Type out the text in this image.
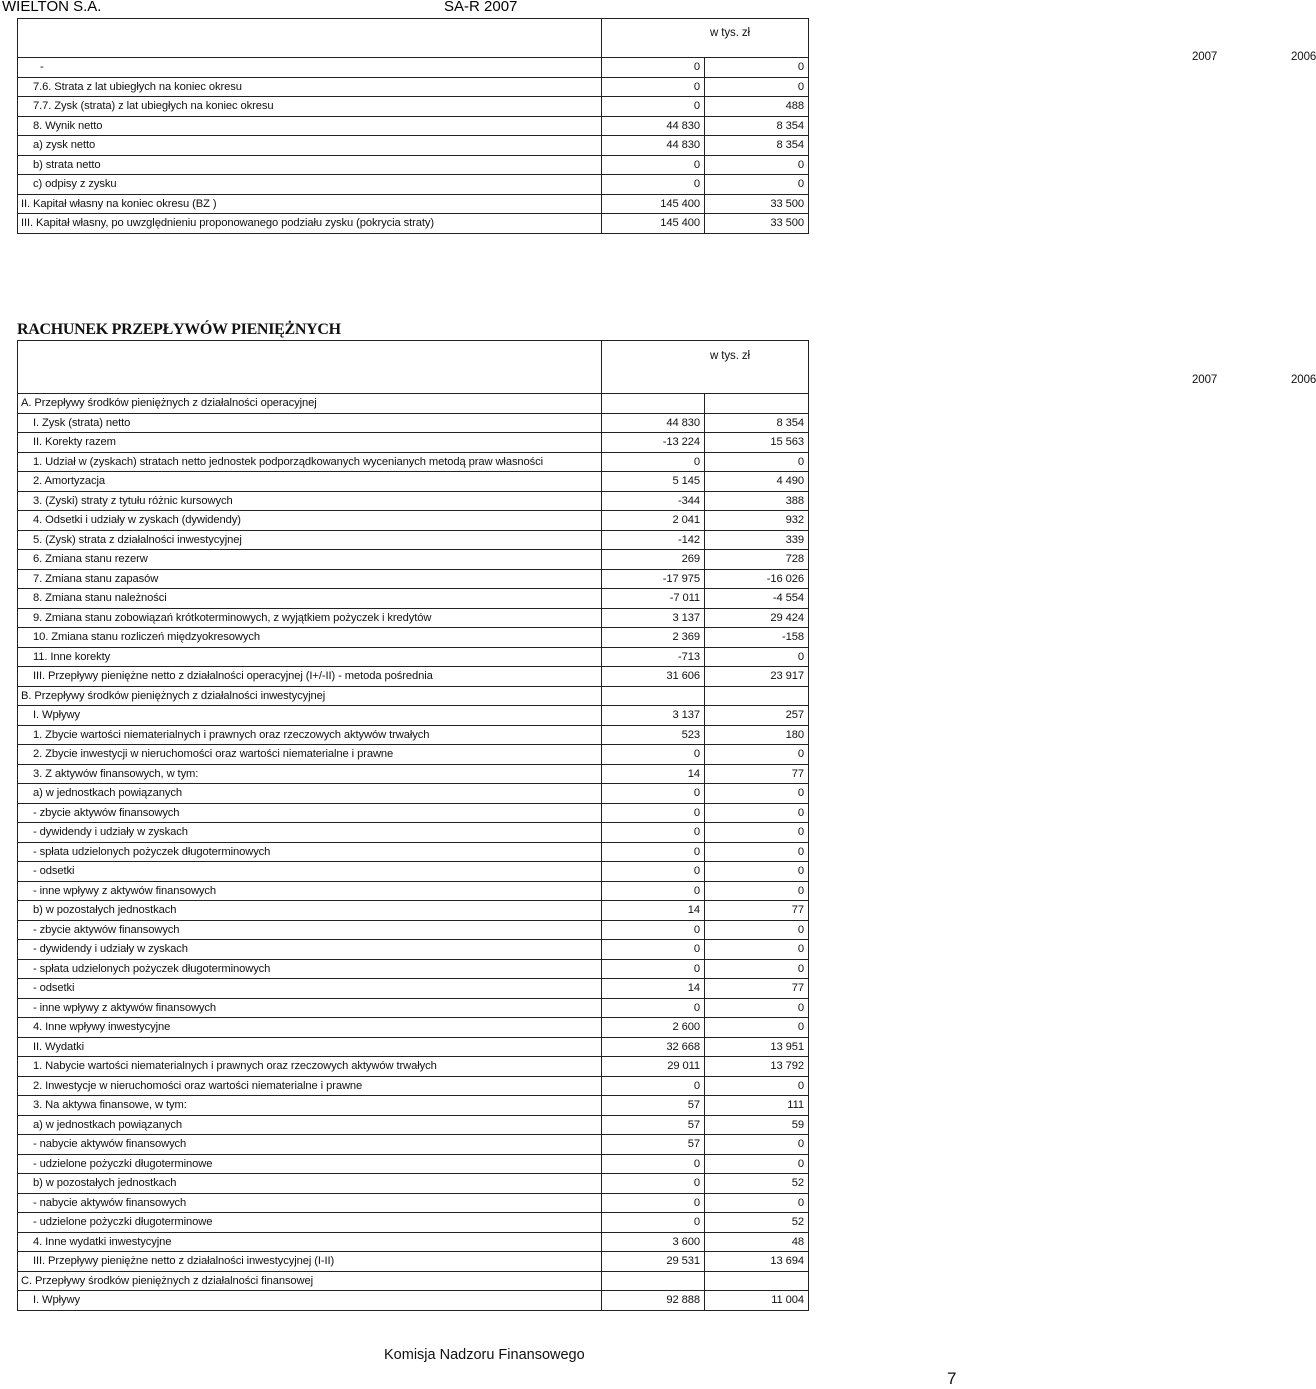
WIELTON S.A.	SA-R 2007

	w tys. zł
2007 2006	

-	0	0
7.6. Strata z lat ubiegłych na koniec okresu	0	0
7.7. Zysk (strata) z lat ubiegłych na koniec okresu	0	488
8. Wynik netto	44 830	8 354
a) zysk netto	44 830	8 354
b) strata netto	0	0
c) odpisy z zysku	0	0
II. Kapitał własny na koniec okresu (BZ )	145 400	33 500
III. Kapitał własny, po uwzględnieniu proponowanego podziału zysku (pokrycia straty)	145 400	33 500
RACHUNEK PRZEPŁYWÓW PIENIĘŻNYCH

	w tys. zł
2007 2006	

A. Przepływy środków pieniężnych z działalności operacyjnej		
I. Zysk (strata) netto	44 830	8 354
II. Korekty razem	-13 224	15 563
1. Udział w (zyskach) stratach netto jednostek podporządkowanych wycenianych metodą praw własności	0	0
2. Amortyzacja	5 145	4 490
3. (Zyski) straty z tytułu różnic kursowych	-344	388
4. Odsetki i udziały w zyskach (dywidendy)	2 041	932
5. (Zysk) strata z działalności inwestycyjnej	-142	339
6. Zmiana stanu rezerw	269	728
7. Zmiana stanu zapasów	-17 975	-16 026
8. Zmiana stanu należności	-7 011	-4 554
9. Zmiana stanu zobowiązań krótkoterminowych, z wyjątkiem pożyczek i kredytów	3 137	29 424
10. Zmiana stanu rozliczeń międzyokresowych	2 369	-158
11. Inne korekty	-713	0
III. Przepływy pieniężne netto z działalności operacyjnej (I+/-II) - metoda pośrednia	31 606	23 917
B. Przepływy środków pieniężnych z działalności inwestycyjnej		
I. Wpływy	3 137	257
1. Zbycie wartości niematerialnych i prawnych oraz rzeczowych aktywów trwałych	523	180
2. Zbycie inwestycji w nieruchomości oraz wartości niematerialne i prawne	0	0
3. Z aktywów finansowych, w tym:	14	77
a) w jednostkach powiązanych	0	0
- zbycie aktywów finansowych	0	0
- dywidendy i udziały w zyskach	0	0
- spłata udzielonych pożyczek długoterminowych	0	0
- odsetki	0	0
- inne wpływy z aktywów finansowych	0	0
b) w pozostałych jednostkach	14	77
- zbycie aktywów finansowych	0	0
- dywidendy i udziały w zyskach	0	0
- spłata udzielonych pożyczek długoterminowych	0	0
- odsetki	14	77
- inne wpływy z aktywów finansowych	0	0
4. Inne wpływy inwestycyjne	2 600	0
II. Wydatki	32 668	13 951
1. Nabycie wartości niematerialnych i prawnych oraz rzeczowych aktywów trwałych	29 011	13 792
2. Inwestycje w nieruchomości oraz wartości niematerialne i prawne	0	0
3. Na aktywa finansowe, w tym:	57	111
a) w jednostkach powiązanych	57	59
- nabycie aktywów finansowych	57	0
- udzielone pożyczki długoterminowe	0	0
b) w pozostałych jednostkach	0	52
- nabycie aktywów finansowych	0	0
- udzielone pożyczki długoterminowe	0	52
4. Inne wydatki inwestycyjne	3 600	48
III. Przepływy pieniężne netto z działalności inwestycyjnej (I-II)	29 531	13 694
C. Przepływy środków pieniężnych z działalności finansowej		
I. Wpływy	92 888	11 004
Komisja Nadzoru Finansowego
7
